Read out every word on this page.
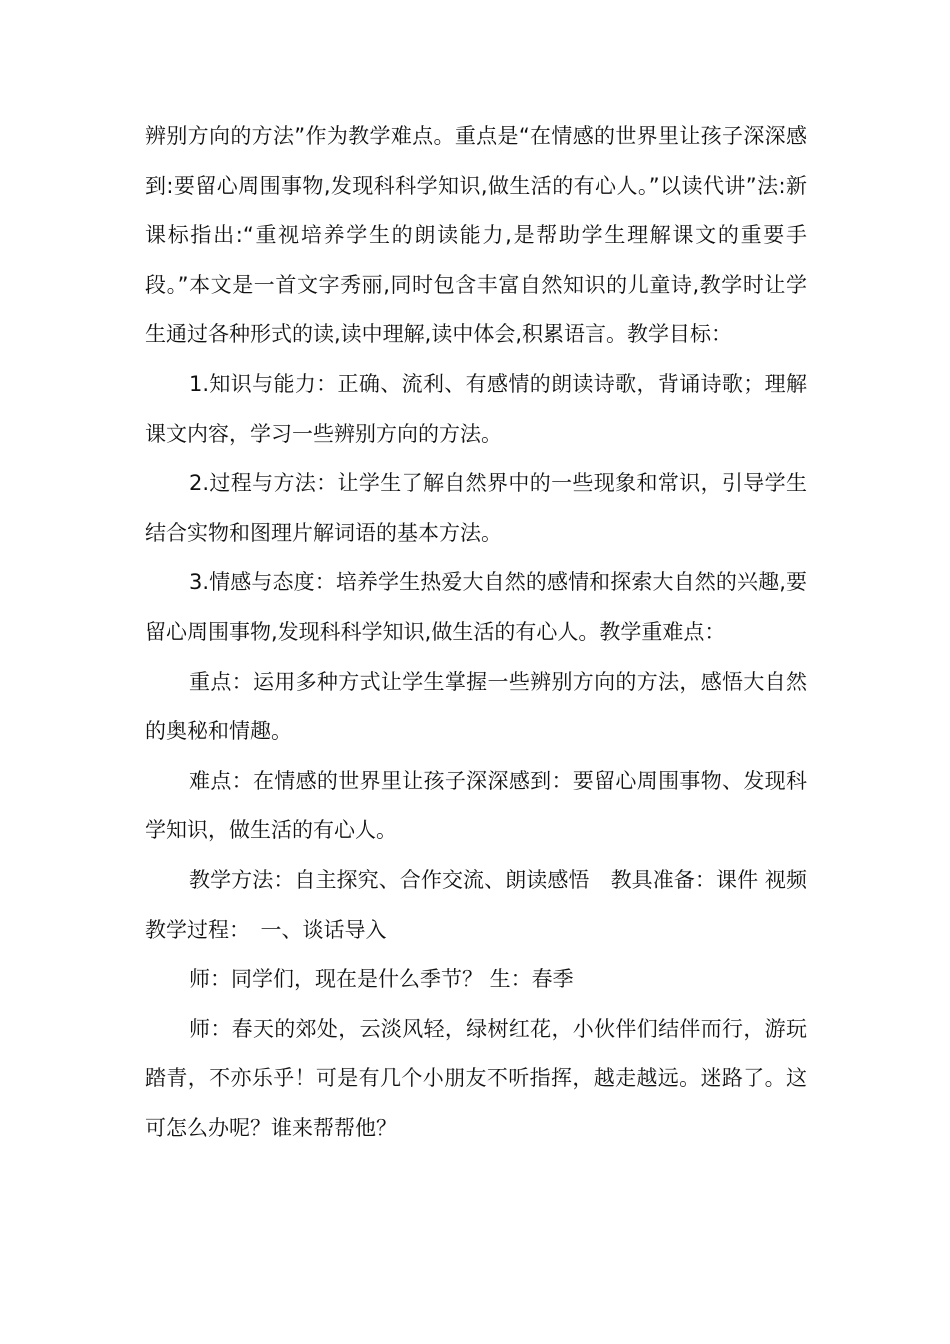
辨别方向的方法”作为教学难点。重点是“在情感的世界里让孩子深深感到:要留心周围事物,发现科科学知识,做生活的有心人。”以读代讲”法:新课标指出:“重视培养学生的朗读能力,是帮助学生理解课文的重要手段。”本文是一首文字秀丽,同时包含丰富自然知识的儿童诗,教学时让学生通过各种形式的读,读中理解,读中体会,积累语言。教学目标：

1.知识与能力：正确、流利、有感情的朗读诗歌，背诵诗歌；理解课文内容，学习一些辨别方向的方法。

2.过程与方法：让学生了解自然界中的一些现象和常识，引导学生结合实物和图理片解词语的基本方法。

3.情感与态度：培养学生热爱大自然的感情和探索大自然的兴趣,要留心周围事物,发现科科学知识,做生活的有心人。教学重难点：

重点：运用多种方式让学生掌握一些辨别方向的方法，感悟大自然的奥秘和情趣。

难点：在情感的世界里让孩子深深感到：要留心周围事物、发现科学知识，做生活的有心人。

教学方法：自主探究、合作交流、朗读感悟　教具准备：课件 视频 教学过程：　一、谈话导入

师：同学们，现在是什么季节？ 生：春季

师：春天的郊处，云淡风轻，绿树红花，小伙伴们结伴而行，游玩踏青，不亦乐乎！可是有几个小朋友不听指挥，越走越远。迷路了。这可怎么办呢？谁来帮帮他？
